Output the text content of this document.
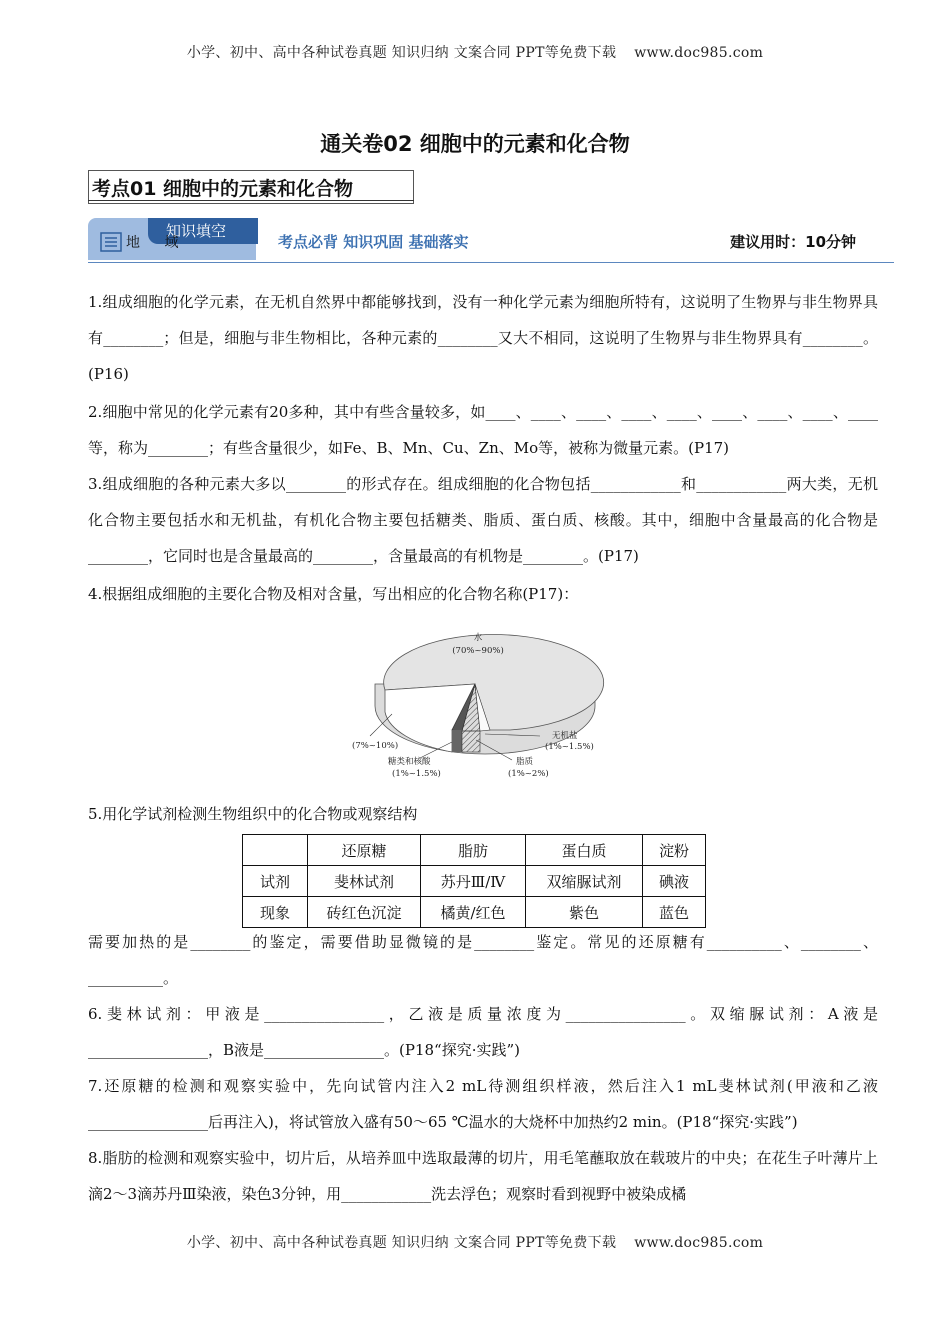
小学、初中、高中各种试卷真题 知识归纳 文案合同 PPT等免费下载 www.doc985.com
通关卷02 细胞中的元素和化合物
考点01 细胞中的元素和化合物
知识填空
地 域	考点必背 知识巩固 基础落实	建议用时：10分钟
1.组成细胞的化学元素，在无机自然界中都能够找到，没有一种化学元素为细胞所特有，这说明了生物界与非生物界具有________；但是，细胞与非生物相比，各种元素的________又大不相同，这说明了生物界与非生物界具有________。(P16)
2.细胞中常见的化学元素有20多种，其中有些含量较多，如____、____、____、____、____、____、____、____、____等，称为________；有些含量很少，如Fe、B、Mn、Cu、Zn、Mo等，被称为微量元素。(P17)
3.组成细胞的各种元素大多以________的形式存在。组成细胞的化合物包括____________和____________两大类，无机化合物主要包括水和无机盐，有机化合物主要包括糖类、脂质、蛋白质、核酸。其中，细胞中含量最高的化合物是________，它同时也是含量最高的________，含量最高的有机物是________。(P17)
4.根据组成细胞的主要化合物及相对含量，写出相应的化合物名称(P17)：
水
(70%~90%)
(7%~10%)
糖类和核酸
(1%~1.5%)
无机盐
(1%~1.5%)
脂质
(1%~2%)
5.用化学试剂检测生物组织中的化合物或观察结构
	还原糖	脂肪	蛋白质	淀粉
试剂	斐林试剂	苏丹Ⅲ/Ⅳ	双缩脲试剂	碘液
现象	砖红色沉淀	橘黄/红色	紫色	蓝色
需要加热的是________的鉴定，需要借助显微镜的是________鉴定。常见的还原糖有__________、________、__________。
6.斐林试剂：甲液是________________，乙液是质量浓度为________________。双缩脲试剂：A液是________________，B液是________________。(P18“探究·实践”)
7.还原糖的检测和观察实验中，先向试管内注入2 mL待测组织样液，然后注入1 mL斐林试剂(甲液和乙液________________后再注入)，将试管放入盛有50～65 ℃温水的大烧杯中加热约2 min。(P18“探究·实践”)
8.脂肪的检测和观察实验中，切片后，从培养皿中选取最薄的切片，用毛笔蘸取放在载玻片的中央；在花生子叶薄片上滴2～3滴苏丹Ⅲ染液，染色3分钟，用____________洗去浮色；观察时看到视野中被染成橘
小学、初中、高中各种试卷真题 知识归纳 文案合同 PPT等免费下载 www.doc985.com
